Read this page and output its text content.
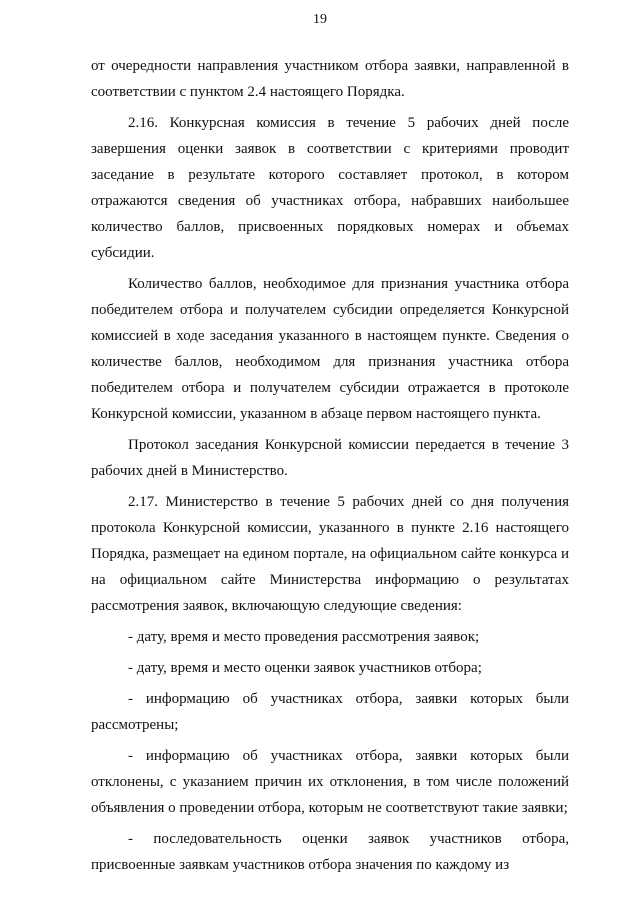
19

от очередности направления участником отбора заявки, направленной в соответствии с пунктом 2.4 настоящего Порядка.

2.16. Конкурсная комиссия в течение 5 рабочих дней после завершения оценки заявок в соответствии с критериями проводит заседание в результате которого составляет протокол, в котором отражаются сведения об участниках отбора, набравших наибольшее количество баллов, присвоенных порядковых номерах и объемах субсидии.

Количество баллов, необходимое для признания участника отбора победителем отбора и получателем субсидии определяется Конкурсной комиссией в ходе заседания указанного в настоящем пункте. Сведения о количестве баллов, необходимом для признания участника отбора победителем отбора и получателем субсидии отражается в протоколе Конкурсной комиссии, указанном в абзаце первом настоящего пункта.

Протокол заседания Конкурсной комиссии передается в течение 3 рабочих дней в Министерство.

2.17. Министерство в течение 5 рабочих дней со дня получения протокола Конкурсной комиссии, указанного в пункте 2.16 настоящего Порядка, размещает на едином портале, на официальном сайте конкурса и на официальном сайте Министерства информацию о результатах рассмотрения заявок, включающую следующие сведения:

- дату, время и место проведения рассмотрения заявок;

- дату, время и место оценки заявок участников отбора;

- информацию об участниках отбора, заявки которых были рассмотрены;

- информацию об участниках отбора, заявки которых были отклонены, с указанием причин их отклонения, в том числе положений объявления о проведении отбора, которым не соответствуют такие заявки;

- последовательность оценки заявок участников отбора, присвоенные заявкам участников отбора значения по каждому из
